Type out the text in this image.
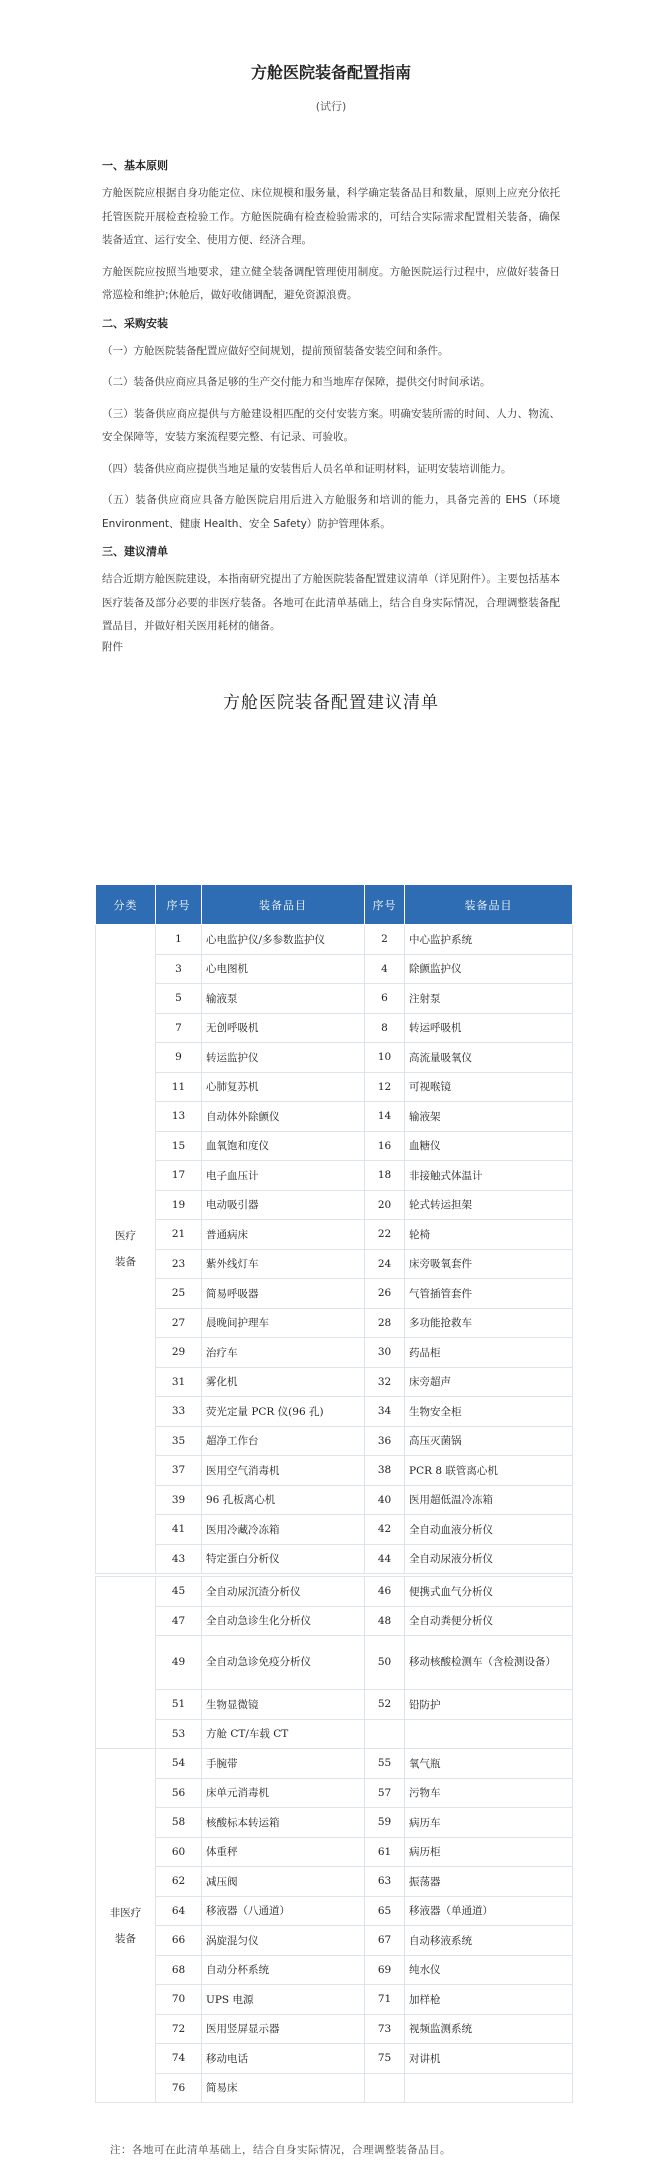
方舱医院装备配置指南
(试行)
一、基本原则

方舱医院应根据自身功能定位、床位规模和服务量，科学确定装备品目和数量，原则上应充分依托托管医院开展检查检验工作。方舱医院确有检查检验需求的，可结合实际需求配置相关装备，确保装备适宜、运行安全、使用方便、经济合理。

方舱医院应按照当地要求，建立健全装备调配管理使用制度。方舱医院运行过程中，应做好装备日常巡检和维护;休舱后，做好收储调配，避免资源浪费。

二、采购安装

（一）方舱医院装备配置应做好空间规划，提前预留装备安装空间和条件。

（二）装备供应商应具备足够的生产交付能力和当地库存保障，提供交付时间承诺。

（三）装备供应商应提供与方舱建设相匹配的交付安装方案。明确安装所需的时间、人力、物流、安全保障等，安装方案流程要完整、有记录、可验收。

（四）装备供应商应提供当地足量的安装售后人员名单和证明材料，证明安装培训能力。

（五）装备供应商应具备方舱医院启用后进入方舱服务和培训的能力，具备完善的 EHS（环境 Environment、健康 Health、安全 Safety）防护管理体系。

三、建议清单

结合近期方舱医院建设，本指南研究提出了方舱医院装备配置建议清单（详见附件）。主要包括基本医疗装备及部分必要的非医疗装备。各地可在此清单基础上，结合自身实际情况，合理调整装备配置品目，并做好相关医用耗材的储备。

附件
方舱医院装备配置建议清单
分类	序号	装备品目	序号	装备品目
医疗
装备	1	心电监护仪/多参数监护仪	2	中心监护系统
	3	心电图机	4	除颤监护仪
	5	输液泵	6	注射泵
	7	无创呼吸机	8	转运呼吸机
	9	转运监护仪	10	高流量吸氧仪
	11	心肺复苏机	12	可视喉镜
	13	自动体外除颤仪	14	输液架
	15	血氧饱和度仪	16	血糖仪
	17	电子血压计	18	非接触式体温计
	19	电动吸引器	20	轮式转运担架
	21	普通病床	22	轮椅
	23	紫外线灯车	24	床旁吸氧套件
	25	简易呼吸器	26	气管插管套件
	27	晨晚间护理车	28	多功能抢救车
	29	治疗车	30	药品柜
	31	雾化机	32	床旁超声
	33	荧光定量 PCR 仪(96 孔)	34	生物安全柜
	35	超净工作台	36	高压灭菌锅
	37	医用空气消毒机	38	PCR 8 联管离心机
	39	96 孔板离心机	40	医用超低温冷冻箱
	41	医用冷藏冷冻箱	42	全自动血液分析仪
	43	特定蛋白分析仪	44	全自动尿液分析仪
	45	全自动尿沉渣分析仪	46	便携式血气分析仪
	47	全自动急诊生化分析仪	48	全自动粪便分析仪
	49	全自动急诊免疫分析仪	50	移动核酸检测车（含检测设备）
	51	生物显微镜	52	铅防护
	53	方舱 CT/车载 CT		
非医疗
装备	54	手腕带	55	氧气瓶
	56	床单元消毒机	57	污物车
	58	核酸标本转运箱	59	病历车
	60	体重秤	61	病历柜
	62	减压阀	63	振荡器
	64	移液器（八通道）	65	移液器（单通道）
	66	涡旋混匀仪	67	自动移液系统
	68	自动分杯系统	69	纯水仪
	70	UPS 电源	71	加样枪
	72	医用竖屏显示器	73	视频监测系统
	74	移动电话	75	对讲机
	76	简易床		
注：各地可在此清单基础上，结合自身实际情况，合理调整装备品目。
